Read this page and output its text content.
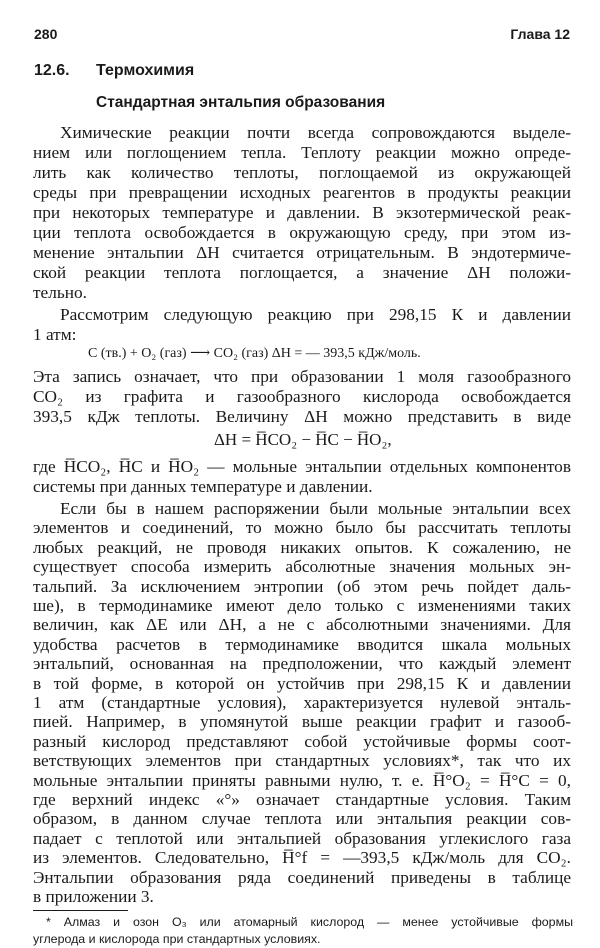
280	Глава 12
12.6. Термохимия
Стандартная энтальпия образования
Химические реакции почти всегда сопровождаются выделе-
нием или поглощением тепла. Теплоту реакции можно опреде-
лить как количество теплоты, поглощаемой из окружающей
среды при превращении исходных реагентов в продукты реакции
при некоторых температуре и давлении. В экзотермической реак-
ции теплота освобождается в окружающую среду, при этом из-
менение энтальпии ΔH считается отрицательным. В эндотермиче-
ской реакции теплота поглощается, а значение ΔH положи-
тельно.
Рассмотрим следующую реакцию при 298,15 К и давлении
1 атм:
C (тв.) + O₂ (газ) ⟶ CO₂ (газ) ΔH = — 393,5 кДж/моль.
Эта запись означает, что при образовании 1 моля газообразного
CO₂ из графита и газообразного кислорода освобождается
393,5 кДж теплоты. Величину ΔH можно представить в виде
ΔH = H̅CO₂ − H̅C − H̅O₂,
где H̅CO₂, H̅C и H̅O₂ — мольные энтальпии отдельных компонентов
системы при данных температуре и давлении.
* Алмаз и озон O₃ или атомарный кислород — менее устойчивые формы
углерода и кислорода при стандартных условиях.
Если бы в нашем распоряжении были мольные энтальпии всех
элементов и соединений, то можно было бы рассчитать теплоты
любых реакций, не проводя никаких опытов. К сожалению, не
существует способа измерить абсолютные значения мольных эн-
тальпий. За исключением энтропии (об этом речь пойдет даль-
ше), в термодинамике имеют дело только с изменениями таких
величин, как ΔE или ΔH, а не с абсолютными значениями. Для
удобства расчетов в термодинамике вводится шкала мольных
энтальпий, основанная на предположении, что каждый элемент
в той форме, в которой он устойчив при 298,15 К и давлении
1 атм (стандартные условия), характеризуется нулевой энталь-
пией. Например, в упомянутой выше реакции графит и газооб-
разный кислород представляют собой устойчивые формы соот-
ветствующих элементов при стандартных условиях*, так что их
мольные энтальпии приняты равными нулю, т. е. H̅°O₂ = H̅°C = 0,
где верхний индекс «°» означает стандартные условия. Таким
образом, в данном случае теплота или энтальпия реакции сов-
падает с теплотой или энтальпией образования углекислого газа
из элементов. Следовательно, H̅°f = —393,5 кДж/моль для CO₂.
Энтальпии образования ряда соединений приведены в таблице
в приложении 3.
